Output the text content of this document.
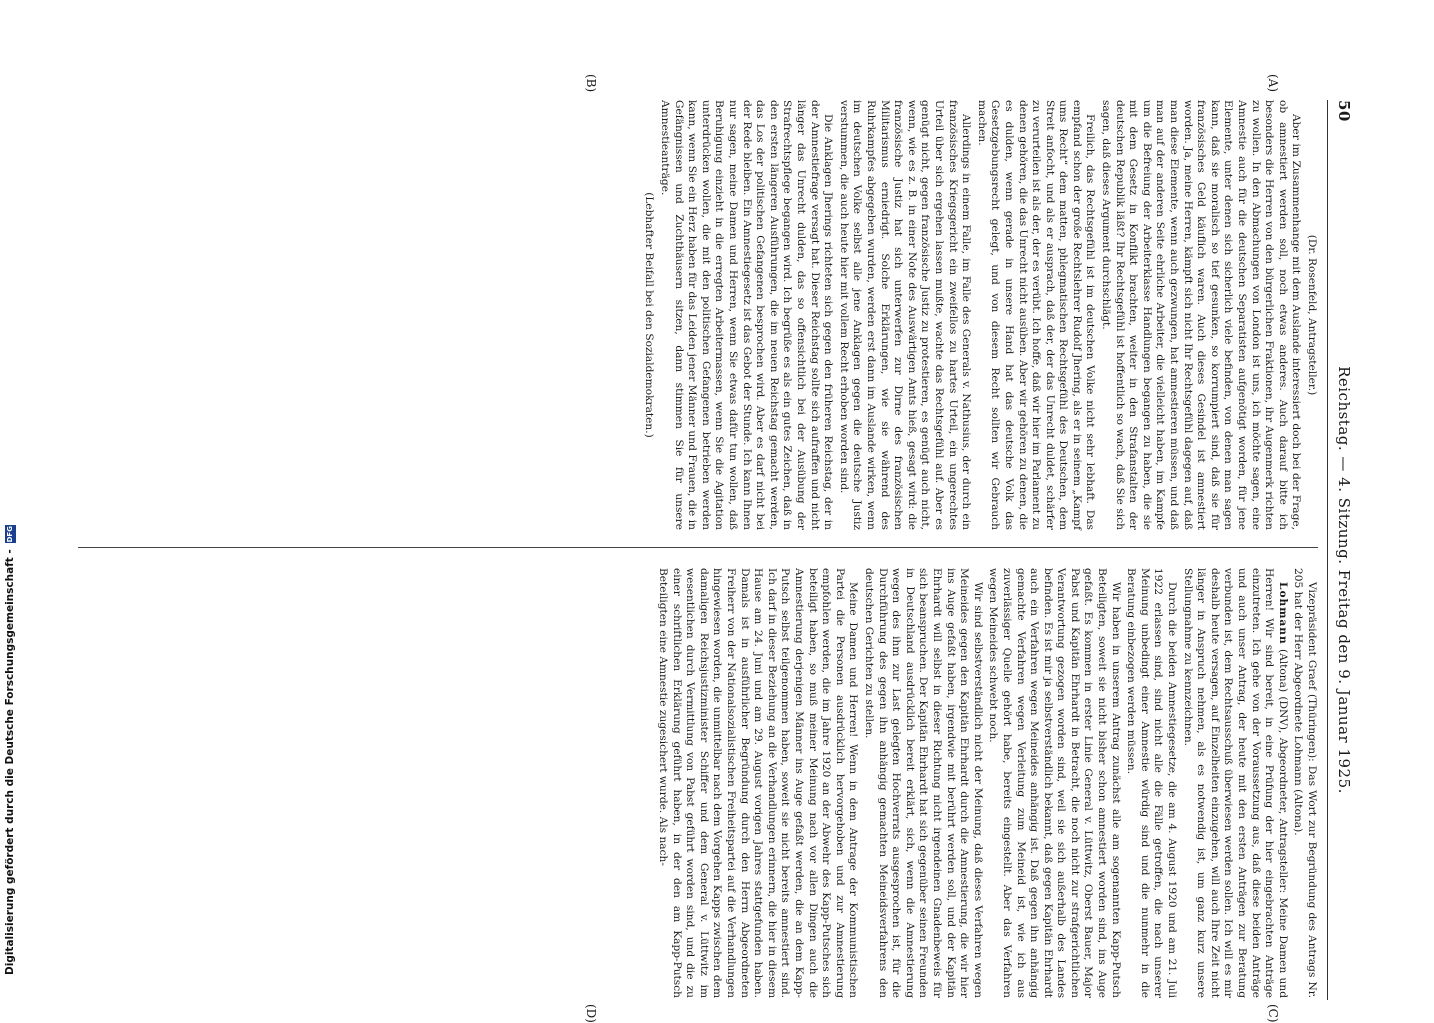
Digitalisierung gefördert durch die Deutsche Forschungsgemeinschaft -
DFG
50
Reichstag. — 4. Sitzung. Freitag den 9. Januar 1925.
(A)
(B)
(C)
(D)

(Dr. Rosenfeld, Antragsteller.)

Aber im Zusammenhange mit dem Auslande interessiert doch bei der Frage, ob amnestiert werden soll, noch etwas anderes. Auch darauf bitte ich besonders die Herren von den bürgerlichen Fraktionen, ihr Augenmerk richten zu wollen. In den Abmachungen von London ist uns, ich möchte sagen, eine Amnestie auch für die deutschen Separatisten aufgenötigt worden, für jene Elemente, unter denen sich sicherlich viele befinden, von denen man sagen kann, daß sie moralisch so tief gesunken, so korrumpiert sind, daß sie für französisches Geld käuflich waren. Auch dieses Gesindel ist amnestiert worden. Ja, meine Herren, kämpft sich nicht Ihr Rechtsgefühl dagegen auf, daß man diese Elemente, wenn auch gezwungen, hat amnestieren müssen, und daß man auf der anderen Seite ehrliche Arbeiter, die vielleicht haben, im Kampfe um die Befreiung der Arbeiterklasse Handlungen begangen zu haben, die sie mit dem Gesetz in Konflikt brachten, weiter in den Strafanstalten der deutschen Republik läßt? Ihr Rechtsgefühl ist hoffentlich so wach, daß Sie sich sagen, daß dieses Argument durchschlägt.

Freilich, das Rechtsgefühl ist im deutschen Volke nicht sehr lebhaft. Das empfand schon der große Rechtslehrer Rudolf Jhering, als er in seinem „Kampf ums Recht“ dem matten, phlegmatischen Rechtsgefühl des Deutschen, dem Streit anfocht, und als er ausprach, daß der, der das Unrecht duldet, schärfer zu verurteilen ist als der, der es verübt. Ich hoffe, daß wir hier im Parlament zu denen gehören, die das Unrecht nicht ausüben. Aber wir gehören zu denen, die es dulden, wenn gerade in unsere Hand hat das deutsche Volk das Gesetzgebungsrecht gelegt, und von diesem Recht sollten wir Gebrauch machen.

Allerdings in einem Falle, im Falle des Generals v. Nathusius, der durch ein französisches Kriegsgericht ein zweifellos zu hartes Urteil, ein ungerechtes Urteil über sich ergehen lassen mußte, wachte das Rechtsgefühl auf. Aber es genügt nicht, gegen französische Justiz zu protestieren, es genügt auch nicht, wenn, wie es z. B. in einer Note des Auswärtigen Amts hieß, gesagt wird: die französische Justiz hat sich unterwerfen zur Dirne des französischen Militarismus erniedrigt. Solche Erklärungen, wie sie während des Ruhrkampfes abgegeben wurden, werden erst dann im Auslande wirken, wenn im deutschen Volke selbst alle jene Anklagen gegen die deutsche Justiz verstummen, die auch heute hier mit vollem Recht erhoben worden sind.

Die Anklagen Jherings richteten sich gegen den früheren Reichstag, der in der Amnestiefrage versagt hat. Dieser Reichstag sollte sich aufraffen und nicht länger das Unrecht dulden, das so offensichtlich bei der Ausübung der Strafrechtspflege begangen wird. Ich begrüße es als ein gutes Zeichen, daß in den ersten längeren Ausführungen, die im neuen Reichstag gemacht werden, das Los der politischen Gefangenen besprochen wird. Aber es darf nicht bei der Rede bleiben. Ein Amnestiegesetz ist das Gebot der Stunde. Ich kann Ihnen nur sagen, meine Damen und Herren, wenn Sie etwas dafür tun wollen, daß Beruhigung einzieht in die erregten Arbeitermassen, wenn Sie die Agitation unterdrücken wollen, die mit den politischen Gefangenen betrieben werden kann, wenn Sie ein Herz haben für das Leiden jener Männer und Frauen, die in Gefängnissen und Zuchthäusern sitzen, dann stimmen Sie für unsere Amnestieanträge.

(Lebhafter Beifall bei den Sozialdemokraten.)

Vizepräsident Graef (Thüringen): Das Wort zur Begründung des Antrags Nr. 205 hat der Herr Abgeordnete Lohmann (Altona).

Lohmann (Altona) (DNV), Abgeordneter, Antragsteller: Meine Damen und Herren! Wir sind bereit, in eine Prüfung der hier eingebrachten Anträge einzutreten. Ich gehe von der Voraussetzung aus, daß diese beiden Anträge und auch unser Antrag, der heute mit den ersten Anträgen zur Beratung verbunden ist, dem Rechtsausschuß überwiesen werden sollen. Ich will es mir deshalb heute versagen, auf Einzelheiten einzugehen, will auch Ihre Zeit nicht länger in Anspruch nehmen, als es notwendig ist, um ganz kurz unsere Stellungnahme zu kennzeichnen.

Durch die beiden Amnestiegesetze, die am 4. August 1920 und am 21. Juli 1922 erlassen sind, sind nicht alle die Fälle getroffen, die nach unserer Meinung unbedingt einer Amnestie würdig sind und die nunmehr in die Beratung einbezogen werden müssen.

Wir haben in unserem Antrag zunächst alle am sogenannten Kapp-Putsch Beteiligten, soweit sie nicht bisher schon amnestiert worden sind, ins Auge gefaßt. Es kommen in erster Linie General v. Lüttwitz, Oberst Bauer, Major Pabst und Kapitän Ehrhardt in Betracht, die noch nicht zur strafgerichtlichen Verantwortung gezogen worden sind, weil sie sich außerhalb des Landes befinden. Es ist mir ja selbstverständlich bekannt, daß gegen Kapitän Ehrhardt auch ein Verfahren wegen Meineides anhängig ist. Daß gegen ihn anhängig gemachte Verfahren wegen Verleitung zum Meineid ist, wie ich aus zuverlässiger Quelle gehört habe, bereits eingestellt. Aber das Verfahren wegen Meineides schwebt noch.

Wir sind selbstverständlich nicht der Meinung, daß dieses Verfahren wegen Meineides gegen den Kapitän Ehrhardt durch die Amnestierung, die wir hier ins Auge gefaßt haben, irgendwie mit berührt werden soll, und der Kapitän Ehrhardt will selbst in dieser Richtung nicht irgendeinen Gnadenbeweis für sich beanspruchen. Der Kapitän Ehrhardt hat sich gegenüber seinen Freunden in Deutschland ausdrücklich bereit erklärt, sich, wenn die Amnestierung wegen des ihm zur Last gelegten Hochverrats ausgesprochen ist, für die Durchführung des gegen ihn anhängig gemachten Meineidsverfahrens den deutschen Gerichten zu stellen.

Meine Damen und Herren! Wenn in dem Antrage der Kommunistischen Partei die Personen ausdrücklich hervorgehoben und zur Amnestierung empfohlen werden, die im Jahre 1920 an der Abwehr des Kapp-Putsches sich beteiligt haben, so muß meiner Meinung nach vor allen Dingen auch die Amnestierung derjenigen Männer ins Auge gefaßt werden, die an dem Kapp-Putsch selbst teilgenommen haben, soweit sie nicht bereits amnestiert sind. Ich darf in dieser Beziehung an die Verhandlungen erinnern, die hier in diesem Hause am 24. Juni und am 29. August vorigen Jahres stattgefunden haben. Damals ist in ausführlicher Begründung durch den Herrn Abgeordneten Freiherr von der Nationalsozialistischen Freiheitspartei auf die Verhandlungen hingewiesen worden, die unmittelbar nach dem Vorgehen Kapps zwischen dem damaligen Reichsjustizminister Schiffer und dem General v. Lüttwitz im wesentlichen durch Vermittlung von Pabst geführt worden sind, und die zu einer schriftlichen Erklärung geführt haben, in der den am Kapp-Putsch Beteiligten eine Amnestie zugesichert wurde. Als nach-
